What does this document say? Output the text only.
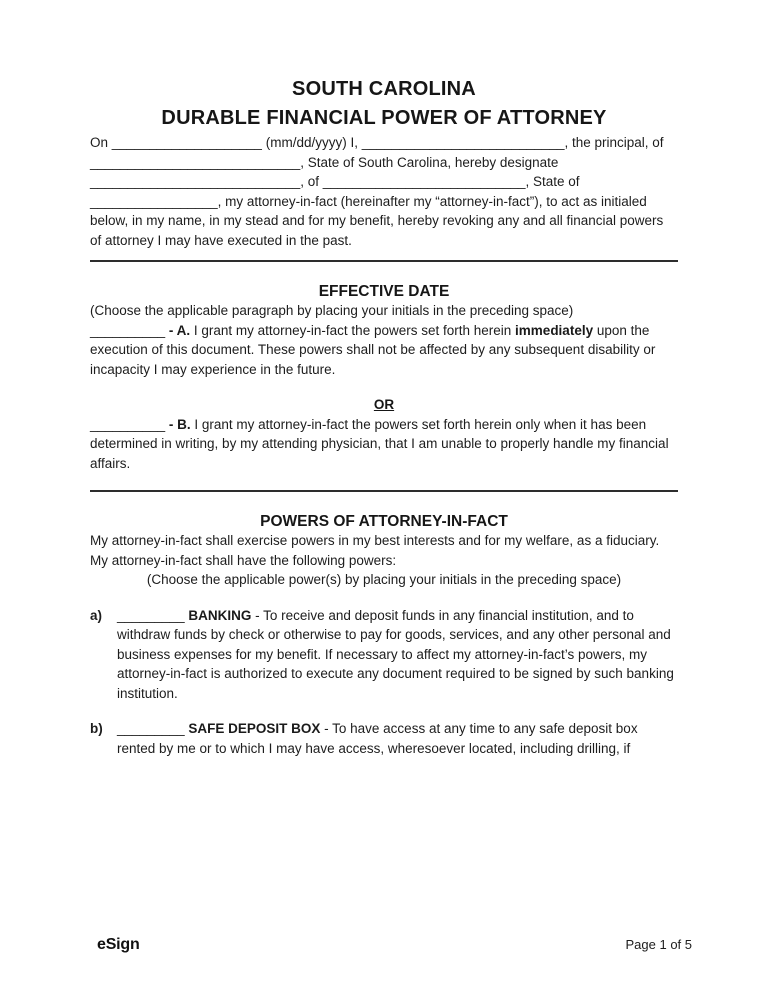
SOUTH CAROLINA
DURABLE FINANCIAL POWER OF ATTORNEY

On ____________________ (mm/dd/yyyy) I, ___________________________, the principal, of ____________________________, State of South Carolina, hereby designate ____________________________, of ___________________________, State of _________________, my attorney-in-fact (hereinafter my “attorney-in-fact”), to act as initialed below, in my name, in my stead and for my benefit, hereby revoking any and all financial powers of attorney I may have executed in the past.

EFFECTIVE DATE

(Choose the applicable paragraph by placing your initials in the preceding space)

__________ - A. I grant my attorney-in-fact the powers set forth herein immediately upon the execution of this document. These powers shall not be affected by any subsequent disability or incapacity I may experience in the future.

OR

__________ - B. I grant my attorney-in-fact the powers set forth herein only when it has been determined in writing, by my attending physician, that I am unable to properly handle my financial affairs.

POWERS OF ATTORNEY-IN-FACT

My attorney-in-fact shall exercise powers in my best interests and for my welfare, as a fiduciary. My attorney-in-fact shall have the following powers:

(Choose the applicable power(s) by placing your initials in the preceding space)

a)	_________ BANKING - To receive and deposit funds in any financial institution, and to withdraw funds by check or otherwise to pay for goods, services, and any other personal and business expenses for my benefit. If necessary to affect my attorney-in-fact’s powers, my attorney-in-fact is authorized to execute any document required to be signed by such banking institution.
b)	_________ SAFE DEPOSIT BOX - To have access at any time to any safe deposit box rented by me or to which I may have access, wheresoever located, including drilling, if
eSign	Page 1 of 5
